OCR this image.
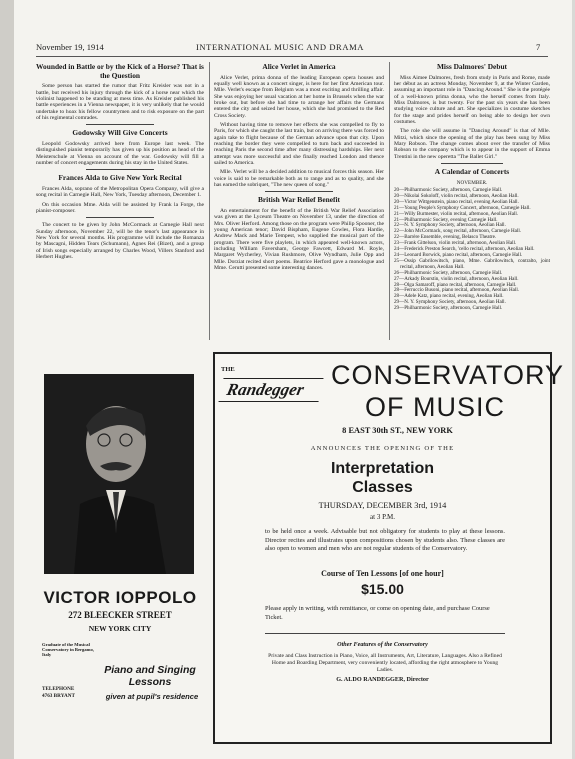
November 19, 1914	INTERNATIONAL MUSIC AND DRAMA	7
Wounded in Battle or by the Kick of a Horse? That is the Question

Some person has started the rumor that Fritz Kreisler was not in a battle, but received his injury through the kick of a horse near which the violinist happened to be standing at mess time. As Kreisler published his battle experiences in a Vienna newspaper, it is very unlikely that he would undertake to hoax his fellow countrymen and to risk exposure on the part of his regimental comrades.

Godowsky Will Give Concerts

Leopold Godowsky arrived here from Europe last week. The distinguished pianist temporarily has given up his position as head of the Meisterschule at Vienna on account of the war. Godowsky will fill a number of concert engagements during his stay in the United States.

Frances Alda to Give New York Recital

Frances Alda, soprano of the Metropolitan Opera Company, will give a song recital in Carnegie Hall, New York, Tuesday afternoon, December 1.

On this occasion Mme. Alda will be assisted by Frank la Forge, the pianist-composer.

The concert to be given by John McCormack at Carnegie Hall next Sunday afternoon, November 22, will be the tenor's last appearance in New York for several months. His programme will include the Romanza by Mascagni, Hidden Tears (Schumann), Agnes Rei (Bizet), and a group of Irish songs especially arranged by Charles Wood, Villers Stanford and Herbert Hughes.

Alice Verlet in America

Alice Verlet, prima donna of the leading European opera houses and equally well known as a concert singer, is here for her first American tour. Mlle. Verlet's escape from Belgium was a most exciting and thrilling affair. She was enjoying her usual vacation at her home in Brussels when the war broke out, but before she had time to arrange her affairs the Germans entered the city and seized her house, which she had promised to the Red Cross Society.

Without having time to remove her effects she was compelled to fly to Paris, for which she caught the last train, but on arriving there was forced to again take to flight because of the German advance upon that city. Upon reaching the border they were compelled to turn back and succeeded in reaching Paris the second time after many distressing hardships. Her next attempt was more successful and she finally reached London and thence sailed to America.

Mlle. Verlet will be a decided addition to musical forces this season. Her voice is said to be remarkable both as to range and as to quality, and she has earned the sobriquet, "The new queen of song."

British War Relief Benefit

An entertainment for the benefit of the British War Relief Association was given at the Lyceum Theatre on November 13, under the direction of Mrs. Oliver Herford. Among those on the program were Philip Spooner, the young American tenor; David Bispham, Eugene Cowles, Flora Hardie, Andrew Mack and Marie Tempest, who supplied the musical part of the program. There were five playlets, in which appeared well-known actors, including William Faversham, George Fawcett, Edward M. Royle, Margaret Wycherley, Vivian Rushmore, Olive Wyndham, Julie Opp and Mlle. Dorziat recited short poems. Beatrice Herford gave a monologue and Mme. Cerutti presented some interesting dances.

Miss Dalmores' Debut

Miss Aimee Dalmores, fresh from study in Paris and Rome, made her début as an actress Monday, November 9, at the Winter Garden, assuming an important role in "Dancing Around." She is the protégée of a well-known prima donna, who the herself comes from Italy. Miss Dalmores, is but twenty. For the past six years she has been studying voice culture and art. She specializes in costume sketches for the stage and prides herself on being able to design her own costumes.

The role she will assume in "Dancing Around" is that of Mlle. Mitzi, which since the opening of the play has been sung by Miss Mary Robson. The change comes about over the transfer of Miss Robson to the company which is to appear in the support of Emma Trentini in the new operetta "The Ballet Girl."

A Calendar of Concerts
NOVEMBER.
20—Philharmonic Society, afternoon, Carnegie Hall.
20—Nikolai Sokoloff, violin recital, afternoon, Aeolian Hall.
20—Victor Wittgenstein, piano recital, evening Aeolian Hall.
21—Young People's Symphony Concert, afternoon, Carnegie Hall.
21—Willy Burmester, violin recital, afternoon, Aeolian Hall.
21—Philharmonic Society, evening Carnegie Hall.
22—N. Y. Symphony Society, afternoon, Aeolian Hall.
22—John McCormack, song recital, afternoon, Carnegie Hall.
22—Barrère Ensemble, evening, Belasco Theatre.
23—Frank Gittelson, violin recital, afternoon, Aeolian Hall.
24—Frederick Preston Search, 'cello recital, afternoon, Aeolian Hall.
24—Leonard Borwick, piano recital, afternoon, Carnegie Hall.
25—Ossip Gabrilowitsch, piano, Mme. Gabrilowitsch, contralto, joint recital, afternoon, Aeolian Hall.
26—Philharmonic Society, afternoon, Carnegie Hall.
27—Arkady Bourstin, violin recital, afternoon, Aeolian Hall.
28—Olga Samaroff, piano recital, afternoon, Carnegie Hall.
28—Ferruccio Busoni, piano recital, afternoon, Aeolian Hall.
28—Adele Katz, piano recital, evening, Aeolian Hall.
29—N. Y. Symphony Society, afternoon, Aeolian Hall.
29—Philharmonic Society, afternoon, Carnegie Hall.
VICTOR IOPPOLO
272 BLEECKER STREET
NEW YORK CITY
Graduate of the Musical Conservatory in Bergamo, Italy
TELEPHONE
4763 BRYANT
Piano and Singing Lessons
given at pupil's residence
THE
Randegger CONSERVATORY
OF MUSIC
8 EAST 30th ST., NEW YORK
ANNOUNCES THE OPENING OF THE
Interpretation
Classes
THURSDAY, DECEMBER 3rd, 1914
at 3 P.M.
to be held once a week. Advisable but not obligatory for students to play at these lessons. Director recites and illustrates upon compositions chosen by students also. These classes are also open to women and men who are not regular students of the Conservatory.
Course of Ten Lessons [of one hour]
$15.00
Please apply in writing, with remittance, or come on opening date, and purchase Course Ticket.
Other Features of the Conservatory
Private and Class Instruction in Piano, Voice, all Instruments, Art, Literature, Languages. Also a Refined Home and Boarding Department, very conveniently located, affording the right atmosphere to Young Ladies.
G. ALDO RANDEGGER, Director
